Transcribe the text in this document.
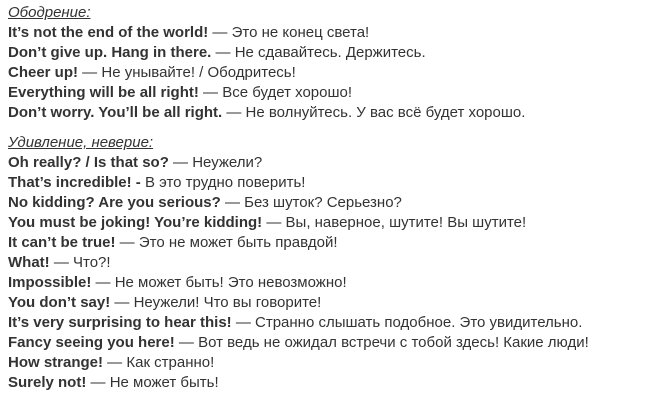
Ободрение:
It’s not the end of the world! — Это не конец света!
Don’t give up. Hang in there. — Не сдавайтесь. Держитесь.
Cheer up! — Не унывайте! / Ободритесь!
Everything will be all right! — Все будет хорошо!
Don’t worry. You’ll be all right. — Не волнуйтесь. У вас всё будет хорошо.
Удивление, неверие:
Oh really? / Is that so? — Неужели?
That’s incredible! - В это трудно поверить!
No kidding? Are you serious? — Без шуток? Серьезно?
You must be joking! You’re kidding! — Вы, наверное, шутите! Вы шутите!
It can’t be true! — Это не может быть правдой!
What! — Что?!
Impossible! — Не может быть! Это невозможно!
You don’t say! — Неужели! Что вы говорите!
It’s very surprising to hear this! — Странно слышать подобное. Это увидительно.
Fancy seeing you here! — Вот ведь не ожидал встречи с тобой здесь! Какие люди!
How strange! — Как странно!
Surely not! — Не может быть!
